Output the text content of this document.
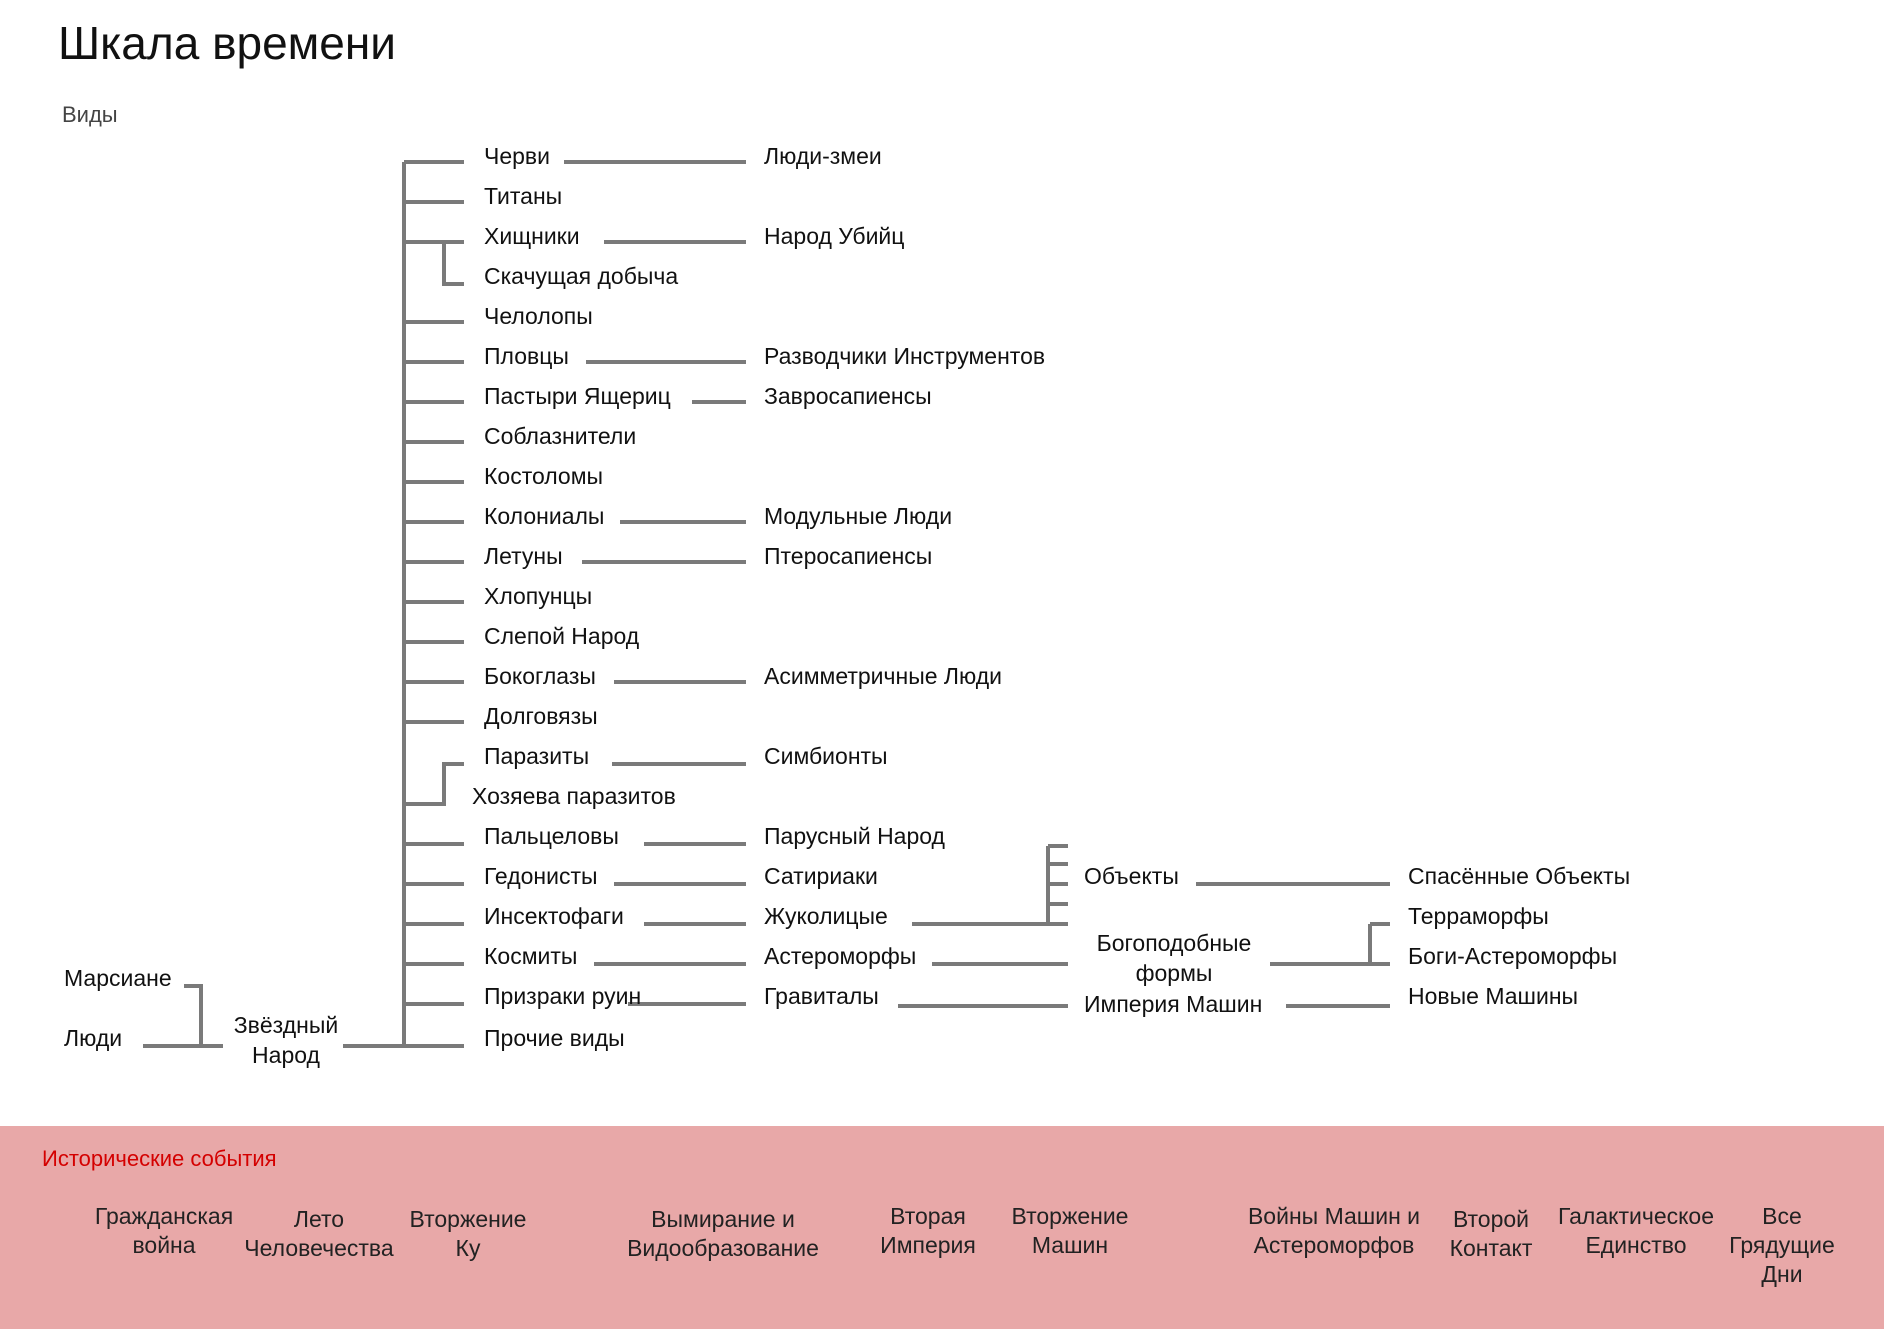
Шкала времени
Виды
Марсиане
Люди	Звёздный Народ
Черви
Титаны
Хищники
Скачущая добыча
Челолопы
Пловцы
Пастыри Ящериц
Соблазнители
Костоломы
Колониалы
Летуны
Хлопунцы
Слепой Народ
Бокоглазы
Долговязы
Паразиты
Хозяева паразитов
Пальцеловы
Гедонисты
Инсектофаги
Космиты
Призраки руин
Прочие виды
Люди-змеи
Народ Убийц
Разводчики Инструментов
Завросапиенсы
Модульные Люди
Птеросапиенсы
Асимметричные Люди
Симбионты
Парусный Народ
Сатириаки
Жуколицые
Астероморфы
Гравиталы
Объекты
Богоподобные формы
Империя Машин
Спасённые Объекты
Терраморфы
Боги-Астероморфы
Новые Машины
Исторические события
Гражданская война
Лето Человечества
Вторжение Ку
Вымирание и Видообразование
Вторая Империя
Вторжение Машин
Войны Машин и Астероморфов
Второй Контакт
Галактическое Единство
Все Грядущие Дни
